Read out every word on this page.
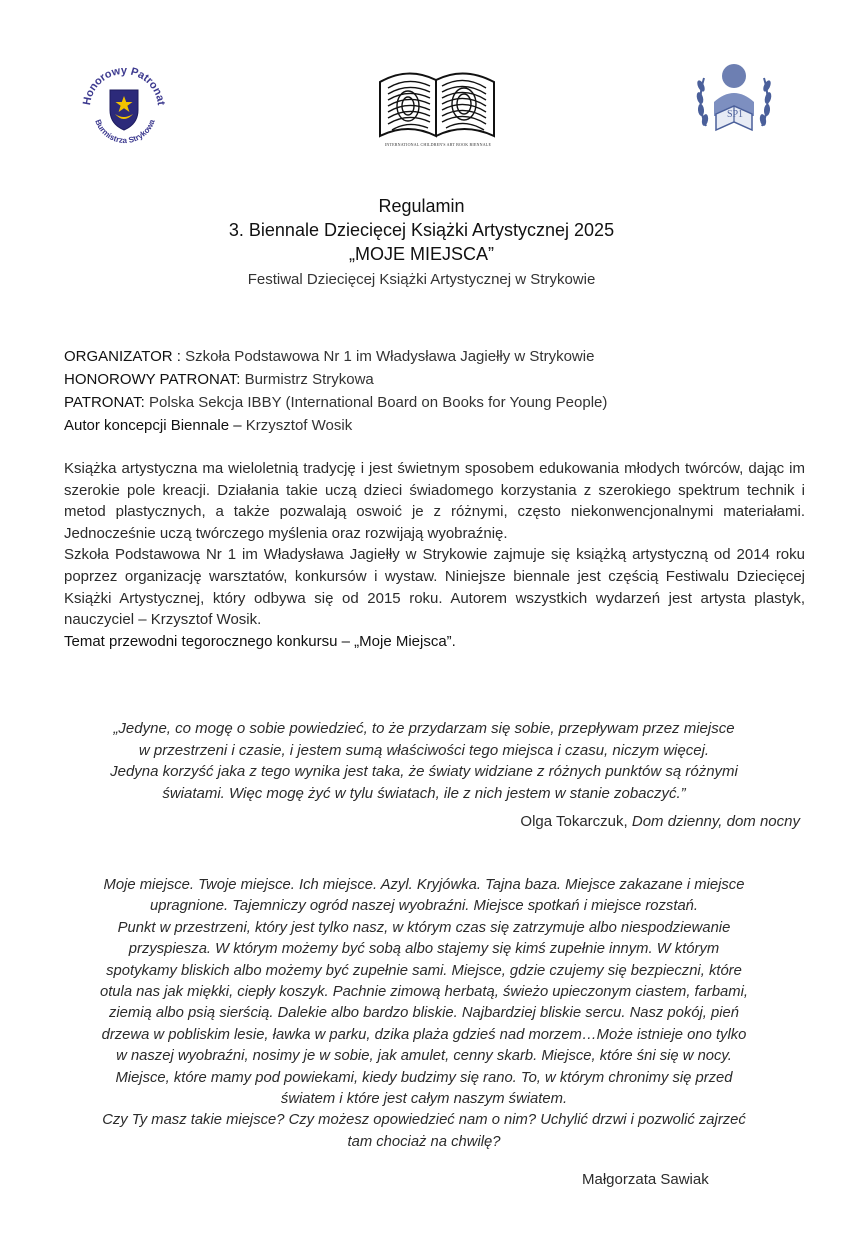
Honorowy Patronat
Burmistrza Strykowa
INTERNATIONAL CHILDREN'S ART BOOK BIENNALE
SP1
Regulamin
3. Biennale Dziecięcej Książki Artystycznej 2025
„MOJE MIEJSCA”
Festiwal Dziecięcej Książki Artystycznej w Strykowie
ORGANIZATOR : Szkoła Podstawowa Nr 1 im Władysława Jagiełły w Strykowie
HONOROWY PATRONAT: Burmistrz Strykowa
PATRONAT: Polska Sekcja IBBY (International Board on Books for Young People)
Autor koncepcji Biennale – Krzysztof Wosik

Książka artystyczna ma wieloletnią tradycję i jest świetnym sposobem edukowania młodych twórców, dając im szerokie pole kreacji. Działania takie uczą dzieci świadomego korzystania z szerokiego spektrum technik i metod plastycznych, a także pozwalają oswoić je z różnymi, często niekonwencjonalnymi materiałami. Jednocześnie uczą twórczego myślenia oraz rozwijają wyobraźnię.

Szkoła Podstawowa Nr 1 im Władysława Jagiełły w Strykowie zajmuje się książką artystyczną od 2014 roku poprzez organizację warsztatów, konkursów i wystaw. Niniejsze biennale jest częścią Festiwalu Dziecięcej Książki Artystycznej, który odbywa się od 2015 roku. Autorem wszystkich wydarzeń jest artysta plastyk, nauczyciel – Krzysztof Wosik.

Temat przewodni tegorocznego konkursu – „Moje Miejsca”.

„Jedyne, co mogę o sobie powiedzieć, to że przydarzam się sobie, przepływam przez miejsce
w przestrzeni i czasie, i jestem sumą właściwości tego miejsca i czasu, niczym więcej.
Jedyna korzyść jaka z tego wynika jest taka, że światy widziane z różnych punktów są różnymi
światami. Więc mogę żyć w tylu światach, ile z nich jestem w stanie zobaczyć.”
Olga Tokarczuk, Dom dzienny, dom nocny

Moje miejsce. Twoje miejsce. Ich miejsce. Azyl. Kryjówka. Tajna baza. Miejsce zakazane i miejsce

upragnione. Tajemniczy ogród naszej wyobraźni. Miejsce spotkań i miejsce rozstań.

Punkt w przestrzeni, który jest tylko nasz, w którym czas się zatrzymuje albo niespodziewanie

przyspiesza. W którym możemy być sobą albo stajemy się kimś zupełnie innym. W którym

spotykamy bliskich albo możemy być zupełnie sami. Miejsce, gdzie czujemy się bezpieczni, które

otula nas jak miękki, ciepły koszyk. Pachnie zimową herbatą, świeżo upieczonym ciastem, farbami,

ziemią albo psią sierścią. Dalekie albo bardzo bliskie. Najbardziej bliskie sercu. Nasz pokój, pień

drzewa w pobliskim lesie, ławka w parku, dzika plaża gdzieś nad morzem…Może istnieje ono tylko

w naszej wyobraźni, nosimy je w sobie, jak amulet, cenny skarb. Miejsce, które śni się w nocy.

Miejsce, które mamy pod powiekami, kiedy budzimy się rano. To, w którym chronimy się przed

światem i które jest całym naszym światem.

Czy Ty masz takie miejsce? Czy możesz opowiedzieć nam o nim? Uchylić drzwi i pozwolić zajrzeć

tam chociaż na chwilę?

Małgorzata Sawiak
